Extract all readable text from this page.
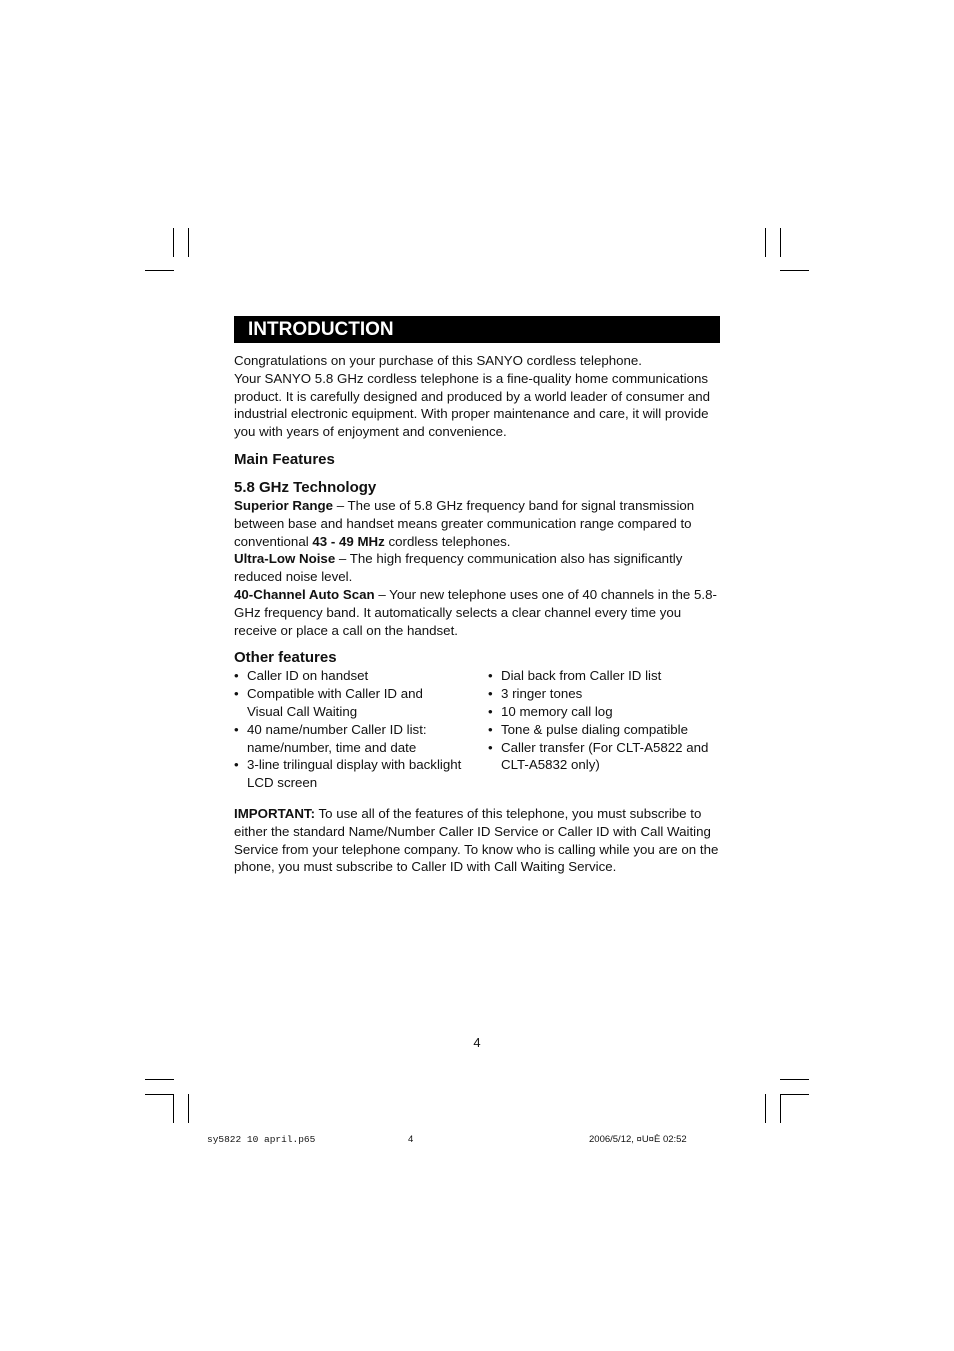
INTRODUCTION

Congratulations on your purchase of this SANYO cordless telephone.
Your SANYO 5.8 GHz cordless telephone is a fine-quality home communications product. It is carefully designed and produced by a world leader of consumer and industrial electronic equipment. With proper maintenance and care, it will provide you with years of enjoyment and convenience.

Main Features

5.8 GHz Technology

Superior Range – The use of 5.8 GHz frequency band for signal transmission between base and handset means greater communication range compared to conventional 43 - 49 MHz cordless telephones.

Ultra-Low Noise – The high frequency communication also has significantly reduced noise level.

40-Channel Auto Scan – Your new telephone uses one of 40 channels in the 5.8-GHz frequency band. It automatically selects a clear channel every time you receive or place a call on the handset.

Other features

• Caller ID on handset
• Compatible with Caller ID and Visual Call Waiting
• 40 name/number Caller ID list: name/number, time and date
• 3-line trilingual display with backlight LCD screen
• Dial back from Caller ID list
• 3 ringer tones
• 10 memory call log
• Tone & pulse dialing compatible
• Caller transfer (For CLT-A5822 and CLT-A5832 only)

IMPORTANT: To use all of the features of this telephone, you must subscribe to either the standard Name/Number Caller ID Service or Caller ID with Call Waiting Service from your telephone company. To know who is calling while you are on the phone, you must subscribe to Caller ID with Call Waiting Service.

4
sy5822 10 april.p65	4	2006/5/12, ¤U¤È 02:52
